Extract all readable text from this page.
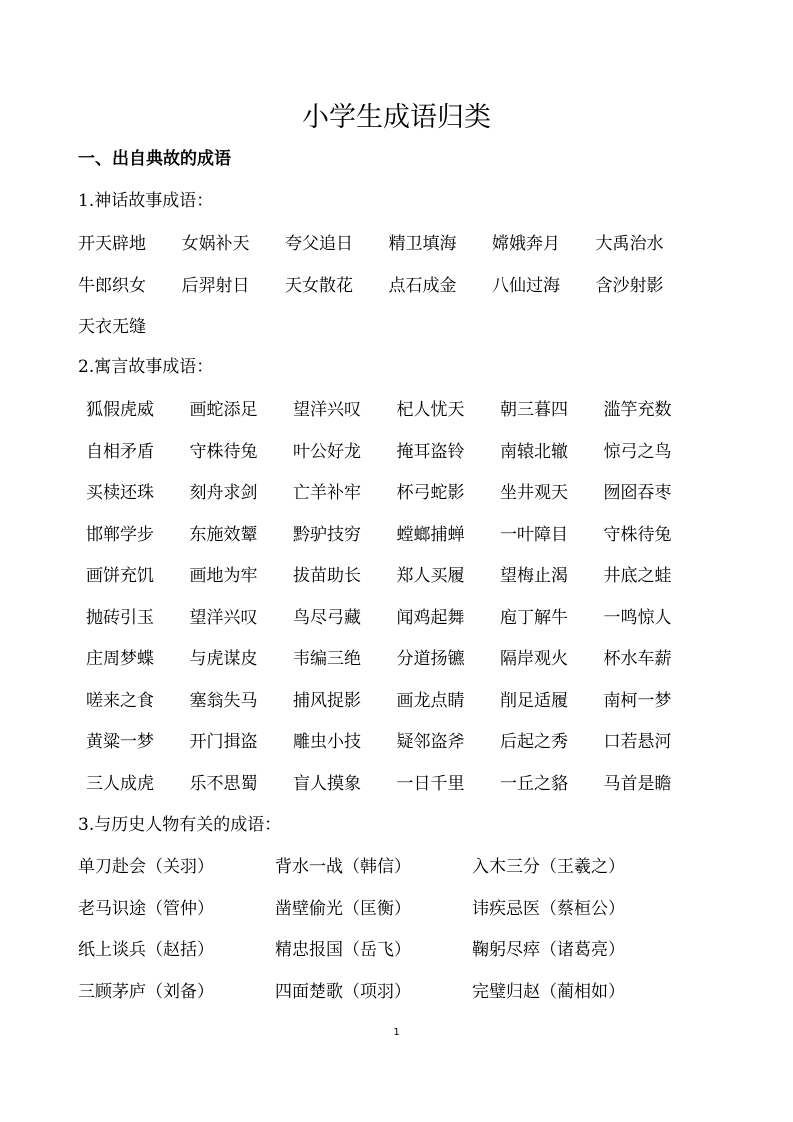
小学生成语归类
一、出自典故的成语
1.神话故事成语：
开天辟地	女娲补天	夸父追日	精卫填海	嫦娥奔月	大禹治水
牛郎织女	后羿射日	天女散花	点石成金	八仙过海	含沙射影
天衣无缝
2.寓言故事成语：
狐假虎威	画蛇添足	望洋兴叹	杞人忧天	朝三暮四	滥竽充数
自相矛盾	守株待兔	叶公好龙	掩耳盗铃	南辕北辙	惊弓之鸟
买椟还珠	刻舟求剑	亡羊补牢	杯弓蛇影	坐井观天	囫囵吞枣
邯郸学步	东施效颦	黔驴技穷	螳螂捕蝉	一叶障目	守株待兔
画饼充饥	画地为牢	拔苗助长	郑人买履	望梅止渴	井底之蛙
抛砖引玉	望洋兴叹	鸟尽弓藏	闻鸡起舞	庖丁解牛	一鸣惊人
庄周梦蝶	与虎谋皮	韦编三绝	分道扬镳	隔岸观火	杯水车薪
嗟来之食	塞翁失马	捕风捉影	画龙点睛	削足适履	南柯一梦
黄粱一梦	开门揖盗	雕虫小技	疑邻盗斧	后起之秀	口若悬河
三人成虎	乐不思蜀	盲人摸象	一日千里	一丘之貉	马首是瞻
3.与历史人物有关的成语：
单刀赴会（关羽）	背水一战（韩信）	入木三分（王羲之）
老马识途（管仲）	凿壁偷光（匡衡）	讳疾忌医（蔡桓公）
纸上谈兵（赵括）	精忠报国（岳飞）	鞠躬尽瘁（诸葛亮）
三顾茅庐（刘备）	四面楚歌（项羽）	完璧归赵（蔺相如）
1
